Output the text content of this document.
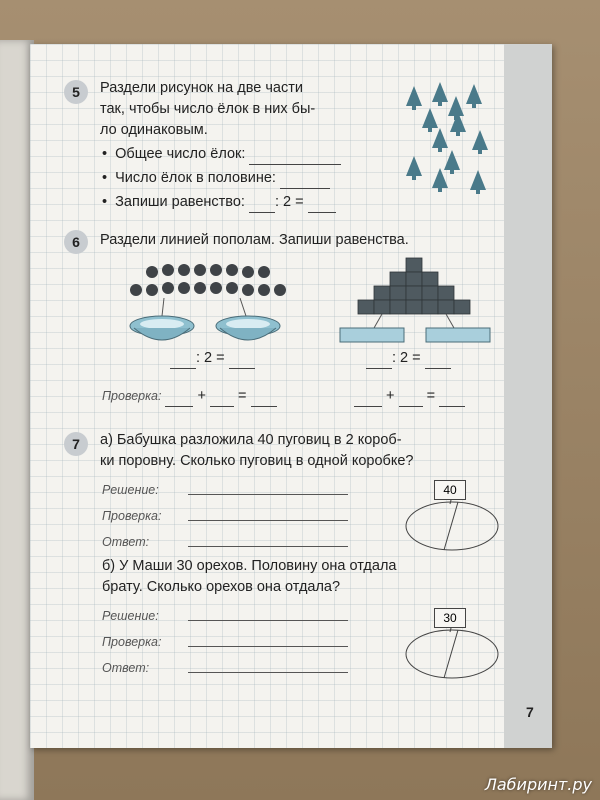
5	Раздели рисунок на две части
так, чтобы число ёлок в них бы-
ло одинаковым.
•  Общее число ёлок:
•  Число ёлок в половине:
•  Запиши равенство: : 2 =
6	Раздели линией пополам. Запиши равенства.
: 2 =	: 2 =
Проверка: + =	+ =
7	а) Бабушка разложила 40 пуговиц в 2 короб-
ки поровну. Сколько пуговиц в одной коробке?
Решение:
Проверка:
Ответ:
40
б) У Маши 30 орехов. Половину она отдала
брату. Сколько орехов она отдала?
Решение:
Проверка:
Ответ:
30
7
Лабиринт.ру
